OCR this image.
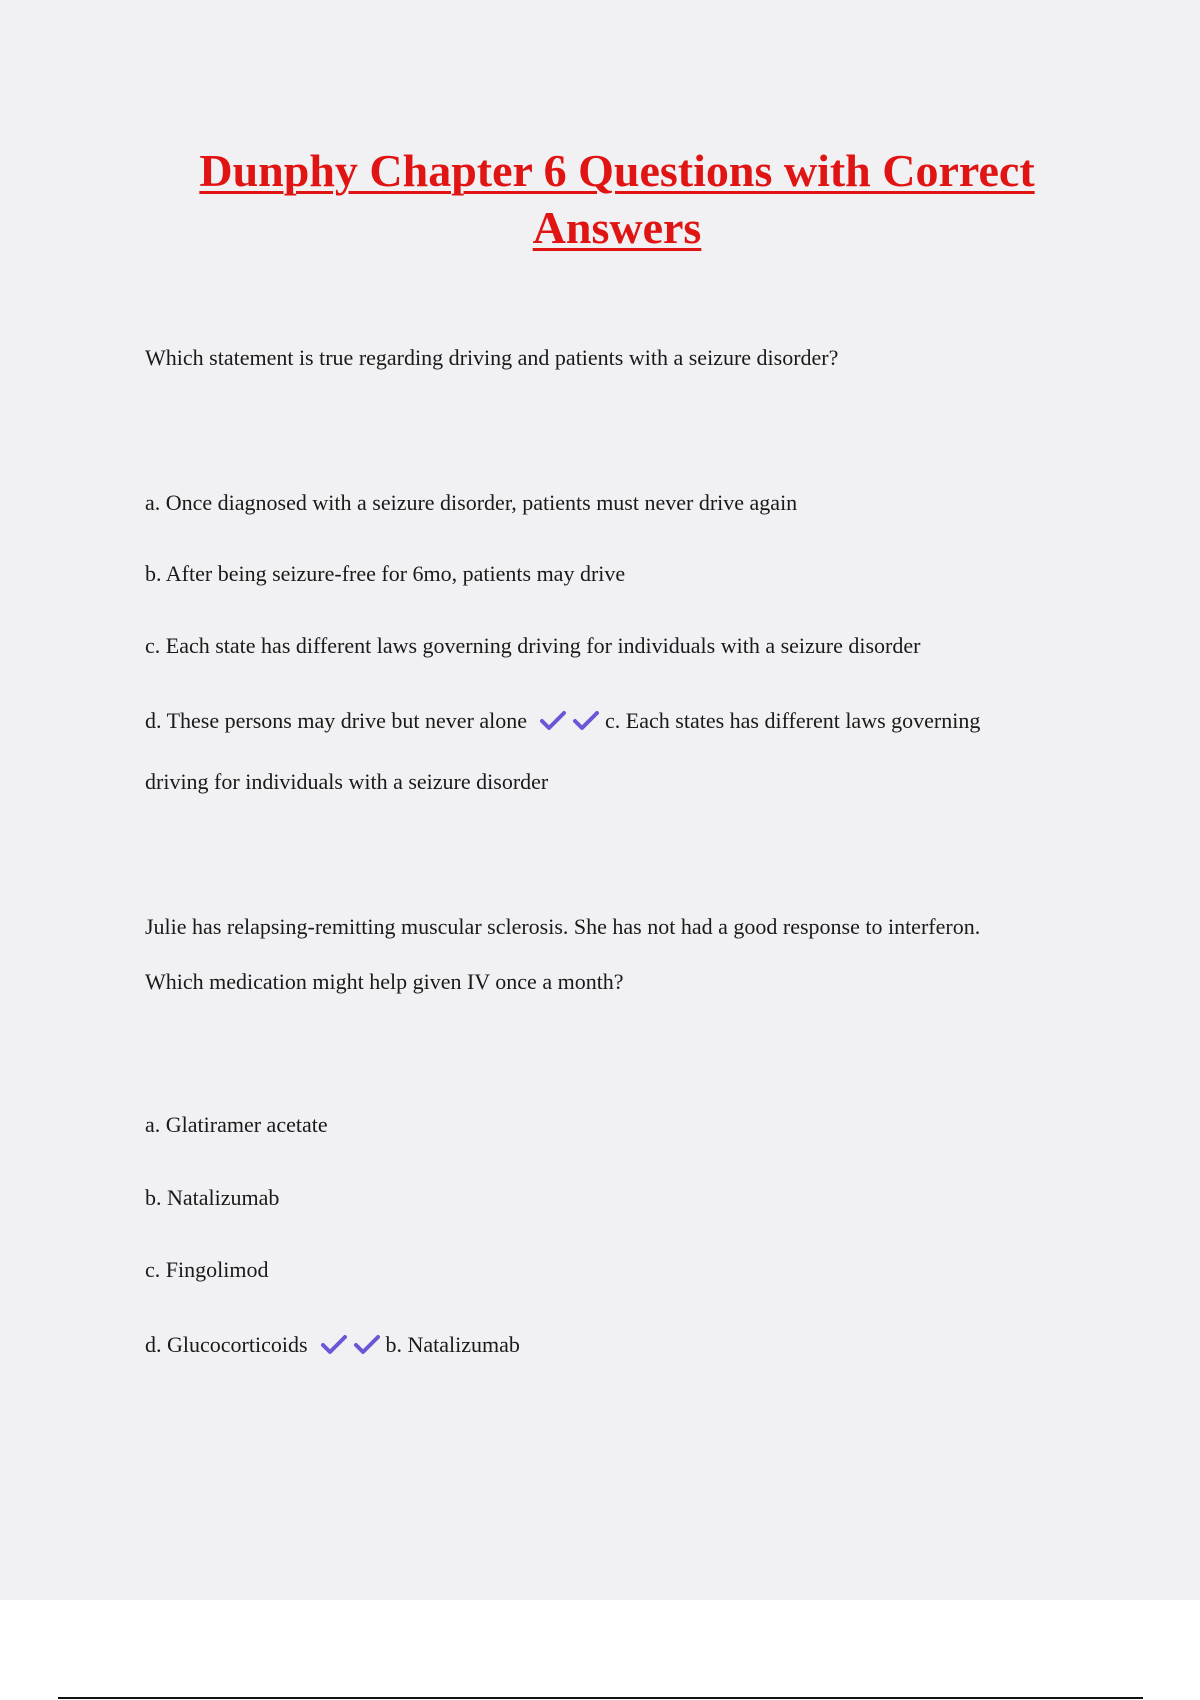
Dunphy Chapter 6 Questions with Correct Answers
Which statement is true regarding driving and patients with a seizure disorder?
a. Once diagnosed with a seizure disorder, patients must never drive again
b. After being seizure-free for 6mo, patients may drive
c. Each state has different laws governing driving for individuals with a seizure disorder
d. These persons may drive but never alone	c. Each states has different laws governing
driving for individuals with a seizure disorder
Julie has relapsing-remitting muscular sclerosis. She has not had a good response to interferon.
Which medication might help given IV once a month?
a. Glatiramer acetate
b. Natalizumab
c. Fingolimod
d. Glucocorticoids	b. Natalizumab
